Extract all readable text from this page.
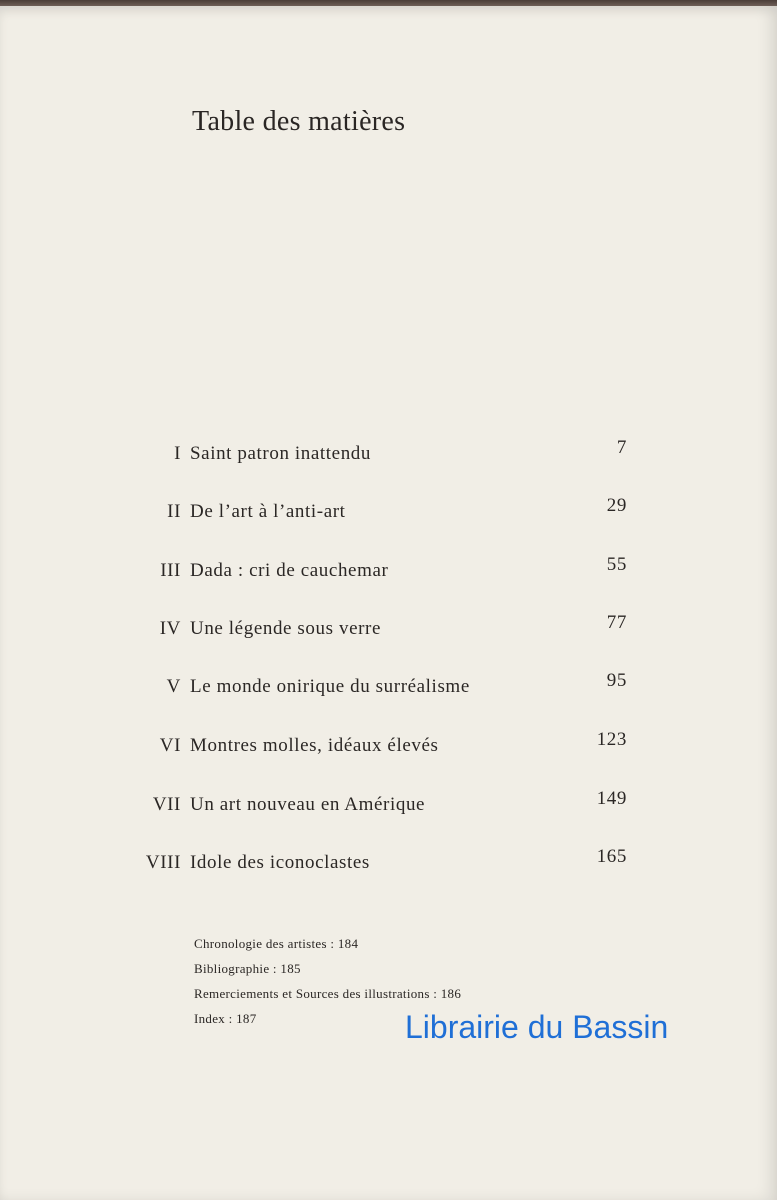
Table des matières
I Saint patron inattendu	7
II De l’art à l’anti-art	29
III Dada : cri de cauchemar	55
IV Une légende sous verre	77
V Le monde onirique du surréalisme	95
VI Montres molles, idéaux élevés	123
VII Un art nouveau en Amérique	149
VIII Idole des iconoclastes	165
Chronologie des artistes : 184
Bibliographie : 185
Remerciements et Sources des illustrations : 186
Index : 187	Librairie du Bassin
